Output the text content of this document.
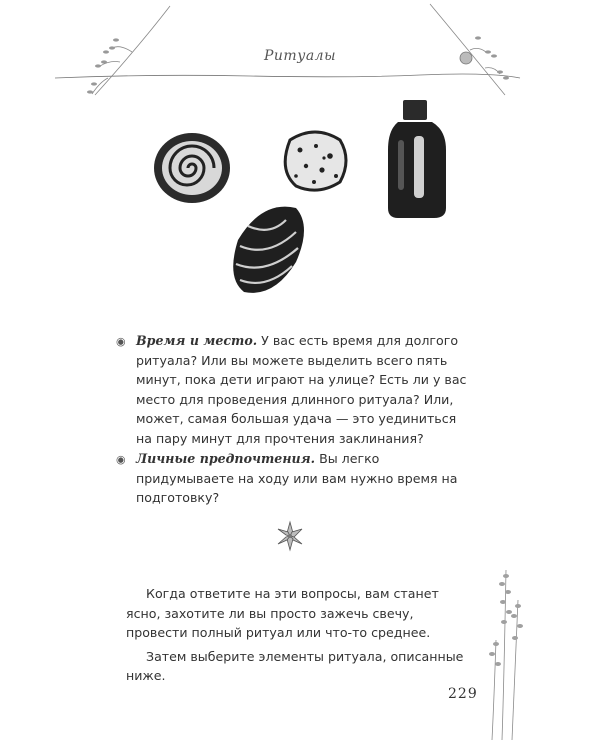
Ритуалы
◉ Время и место. У вас есть время для долгого ритуала? Или вы можете выделить всего пять минут, пока дети играют на улице? Есть ли у вас место для проведения длинного ритуала? Или, может, самая большая удача — это уединиться на пару минут для прочтения заклинания?
◉ Личные предпочтения. Вы легко придумываете на ходу или вам нужно время на подготовку?

Когда ответите на эти вопросы, вам станет ясно, захотите ли вы просто зажечь свечу, провести полный ритуал или что-то среднее.

Затем выберите элементы ритуала, описанные ниже.

229
